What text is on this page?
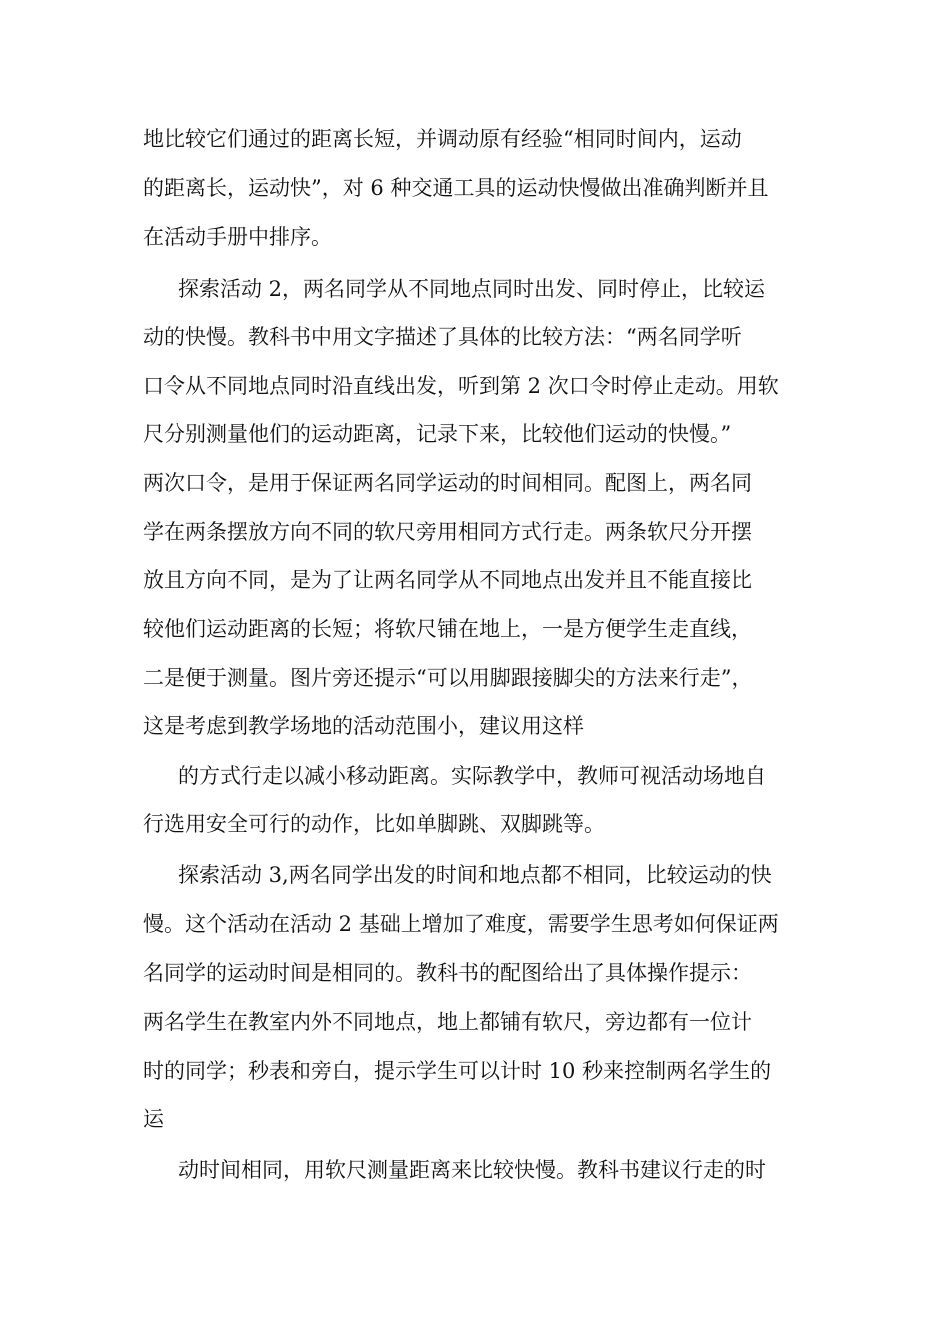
地比较它们通过的距离长短，并调动原有经验“相同时间内，运动
的距离长，运动快”，对 6 种交通工具的运动快慢做出准确判断并且
在活动手册中排序。
探索活动 2，两名同学从不同地点同时出发、同时停止，比较运
动的快慢。教科书中用文字描述了具体的比较方法：“两名同学听
口令从不同地点同时沿直线出发，听到第 2 次口令时停止走动。用软
尺分别测量他们的运动距离，记录下来，比较他们运动的快慢。”
两次口令，是用于保证两名同学运动的时间相同。配图上，两名同
学在两条摆放方向不同的软尺旁用相同方式行走。两条软尺分开摆
放且方向不同，是为了让两名同学从不同地点出发并且不能直接比
较他们运动距离的长短；将软尺铺在地上，一是方便学生走直线，
二是便于测量。图片旁还提示“可以用脚跟接脚尖的方法来行走”，
这是考虑到教学场地的活动范围小，建议用这样
的方式行走以减小移动距离。实际教学中，教师可视活动场地自
行选用安全可行的动作，比如单脚跳、双脚跳等。
探索活动 3,两名同学出发的时间和地点都不相同，比较运动的快
慢。这个活动在活动 2 基础上增加了难度，需要学生思考如何保证两
名同学的运动时间是相同的。教科书的配图给出了具体操作提示：
两名学生在教室内外不同地点，地上都铺有软尺，旁边都有一位计
时的同学；秒表和旁白，提示学生可以计时 10 秒来控制两名学生的
运
动时间相同，用软尺测量距离来比较快慢。教科书建议行走的时
